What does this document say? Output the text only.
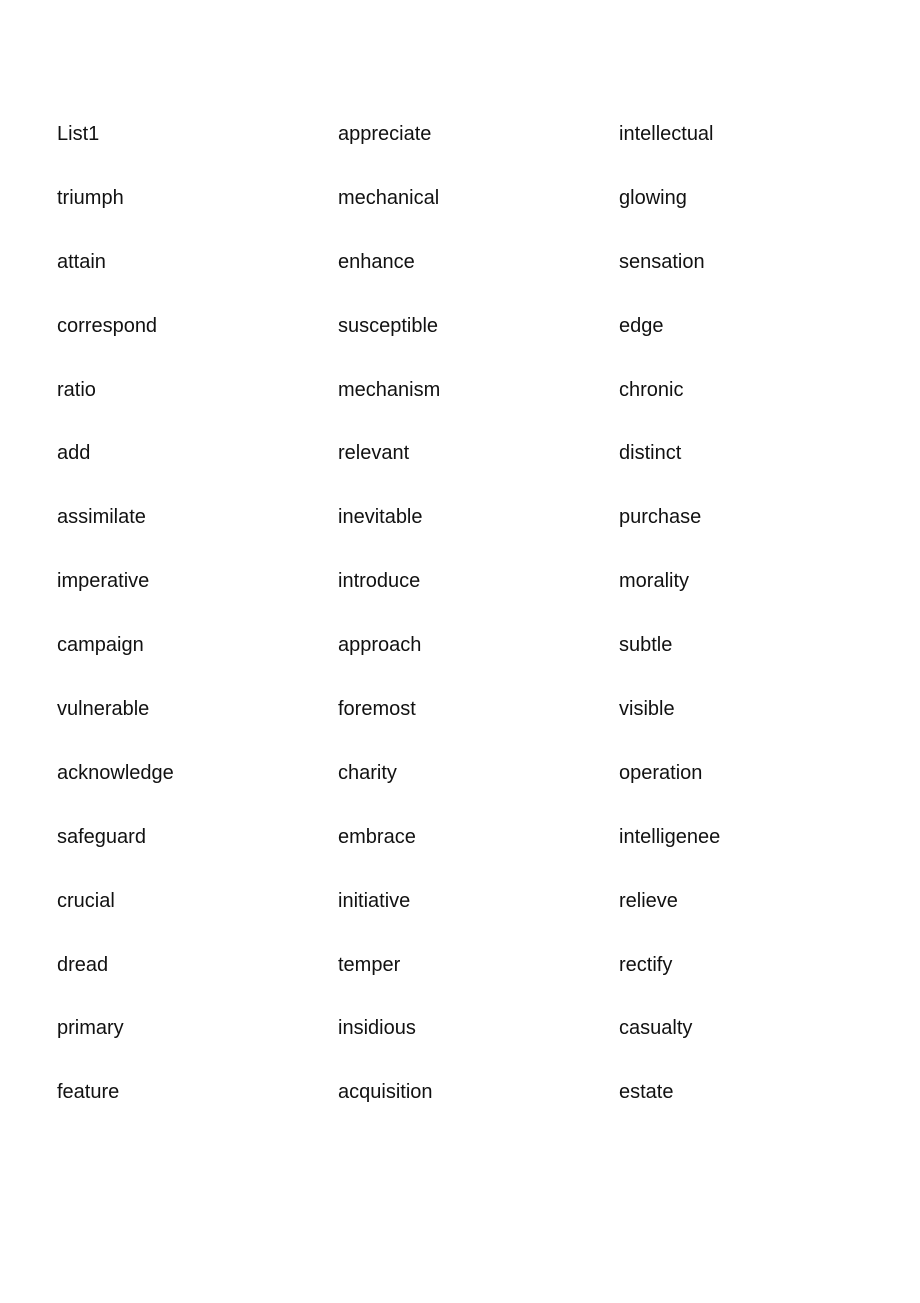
List1	appreciate	intellectual
triumph	mechanical	glowing
attain	enhance	sensation
correspond	susceptible	edge
ratio	mechanism	chronic
add	relevant	distinct
assimilate	inevitable	purchase
imperative	introduce	morality
campaign	approach	subtle
vulnerable	foremost	visible
acknowledge	charity	operation
safeguard	embrace	intelligenee
crucial	initiative	relieve
dread	temper	rectify
primary	insidious	casualty
feature	acquisition	estate
